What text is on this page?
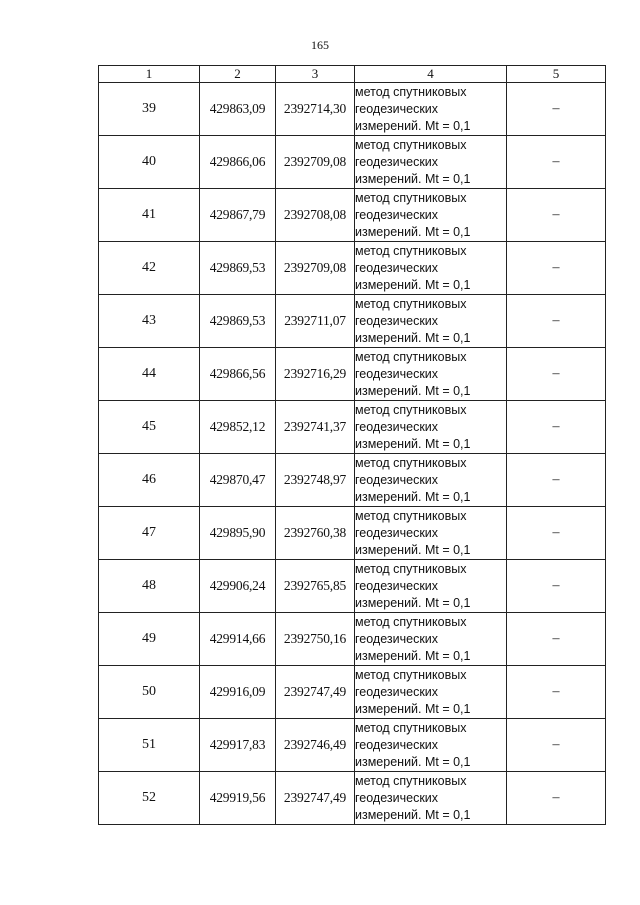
165
1	2	3	4	5
39	429863,09	2392714,30	метод спутниковых
геодезических
измерений. Mt = 0,1	–
40	429866,06	2392709,08	метод спутниковых
геодезических
измерений. Mt = 0,1	–
41	429867,79	2392708,08	метод спутниковых
геодезических
измерений. Mt = 0,1	–
42	429869,53	2392709,08	метод спутниковых
геодезических
измерений. Mt = 0,1	–
43	429869,53	2392711,07	метод спутниковых
геодезических
измерений. Mt = 0,1	–
44	429866,56	2392716,29	метод спутниковых
геодезических
измерений. Mt = 0,1	–
45	429852,12	2392741,37	метод спутниковых
геодезических
измерений. Mt = 0,1	–
46	429870,47	2392748,97	метод спутниковых
геодезических
измерений. Mt = 0,1	–
47	429895,90	2392760,38	метод спутниковых
геодезических
измерений. Mt = 0,1	–
48	429906,24	2392765,85	метод спутниковых
геодезических
измерений. Mt = 0,1	–
49	429914,66	2392750,16	метод спутниковых
геодезических
измерений. Mt = 0,1	–
50	429916,09	2392747,49	метод спутниковых
геодезических
измерений. Mt = 0,1	–
51	429917,83	2392746,49	метод спутниковых
геодезических
измерений. Mt = 0,1	–
52	429919,56	2392747,49	метод спутниковых
геодезических
измерений. Mt = 0,1	–
